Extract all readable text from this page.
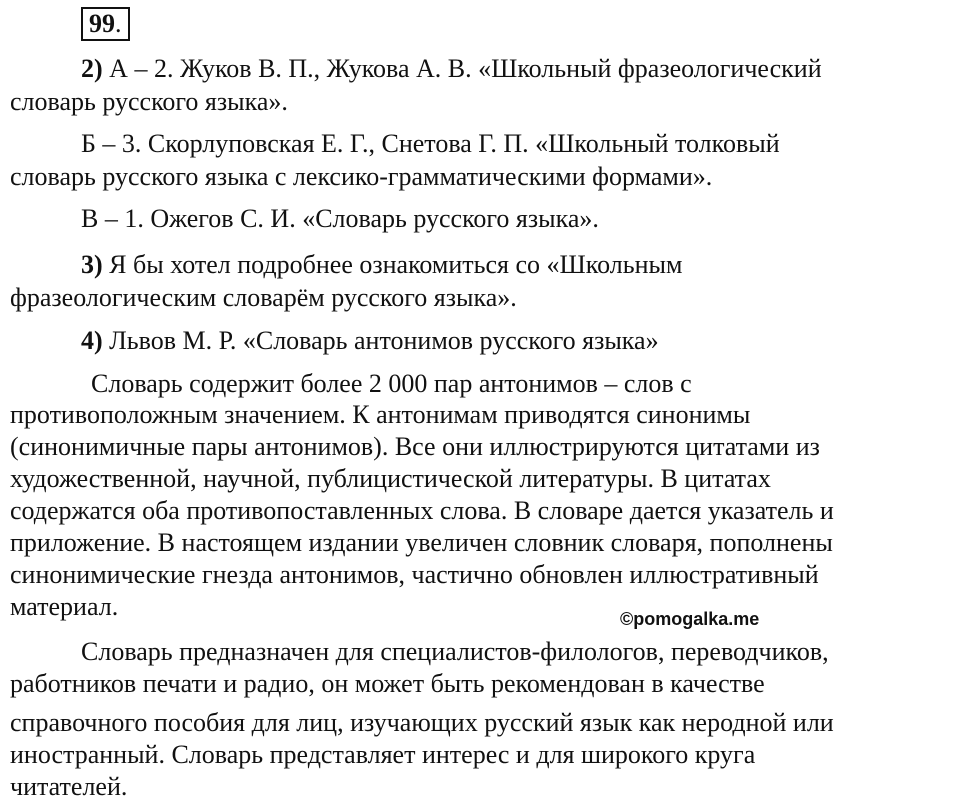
99.
2) А – 2. Жуков В. П., Жукова А. В. «Школьный фразеологический
словарь русского языка».
Б – 3. Скорлуповская Е. Г., Снетова Г. П. «Школьный толковый
словарь русского языка с лексико-грамматическими формами».
В – 1. Ожегов С. И. «Словарь русского языка».
3) Я бы хотел подробнее ознакомиться со «Школьным
фразеологическим словарём русского языка».
4) Львов М. Р. «Словарь антонимов русского языка»
Словарь содержит более 2 000 пар антонимов – слов с
противоположным значением. К антонимам приводятся синонимы
(синонимичные пары антонимов). Все они иллюстрируются цитатами из
художественной, научной, публицистической литературы. В цитатах
содержатся оба противопоставленных слова. В словаре дается указатель и
приложение. В настоящем издании увеличен словник словаря, пополнены
синонимические гнезда антонимов, частично обновлен иллюстративный
материал.	©pomogalka.me
Словарь предназначен для специалистов-филологов, переводчиков,
работников печати и радио, он может быть рекомендован в качестве
справочного пособия для лиц, изучающих русский язык как неродной или
иностранный. Словарь представляет интерес и для широкого круга
читателей.
